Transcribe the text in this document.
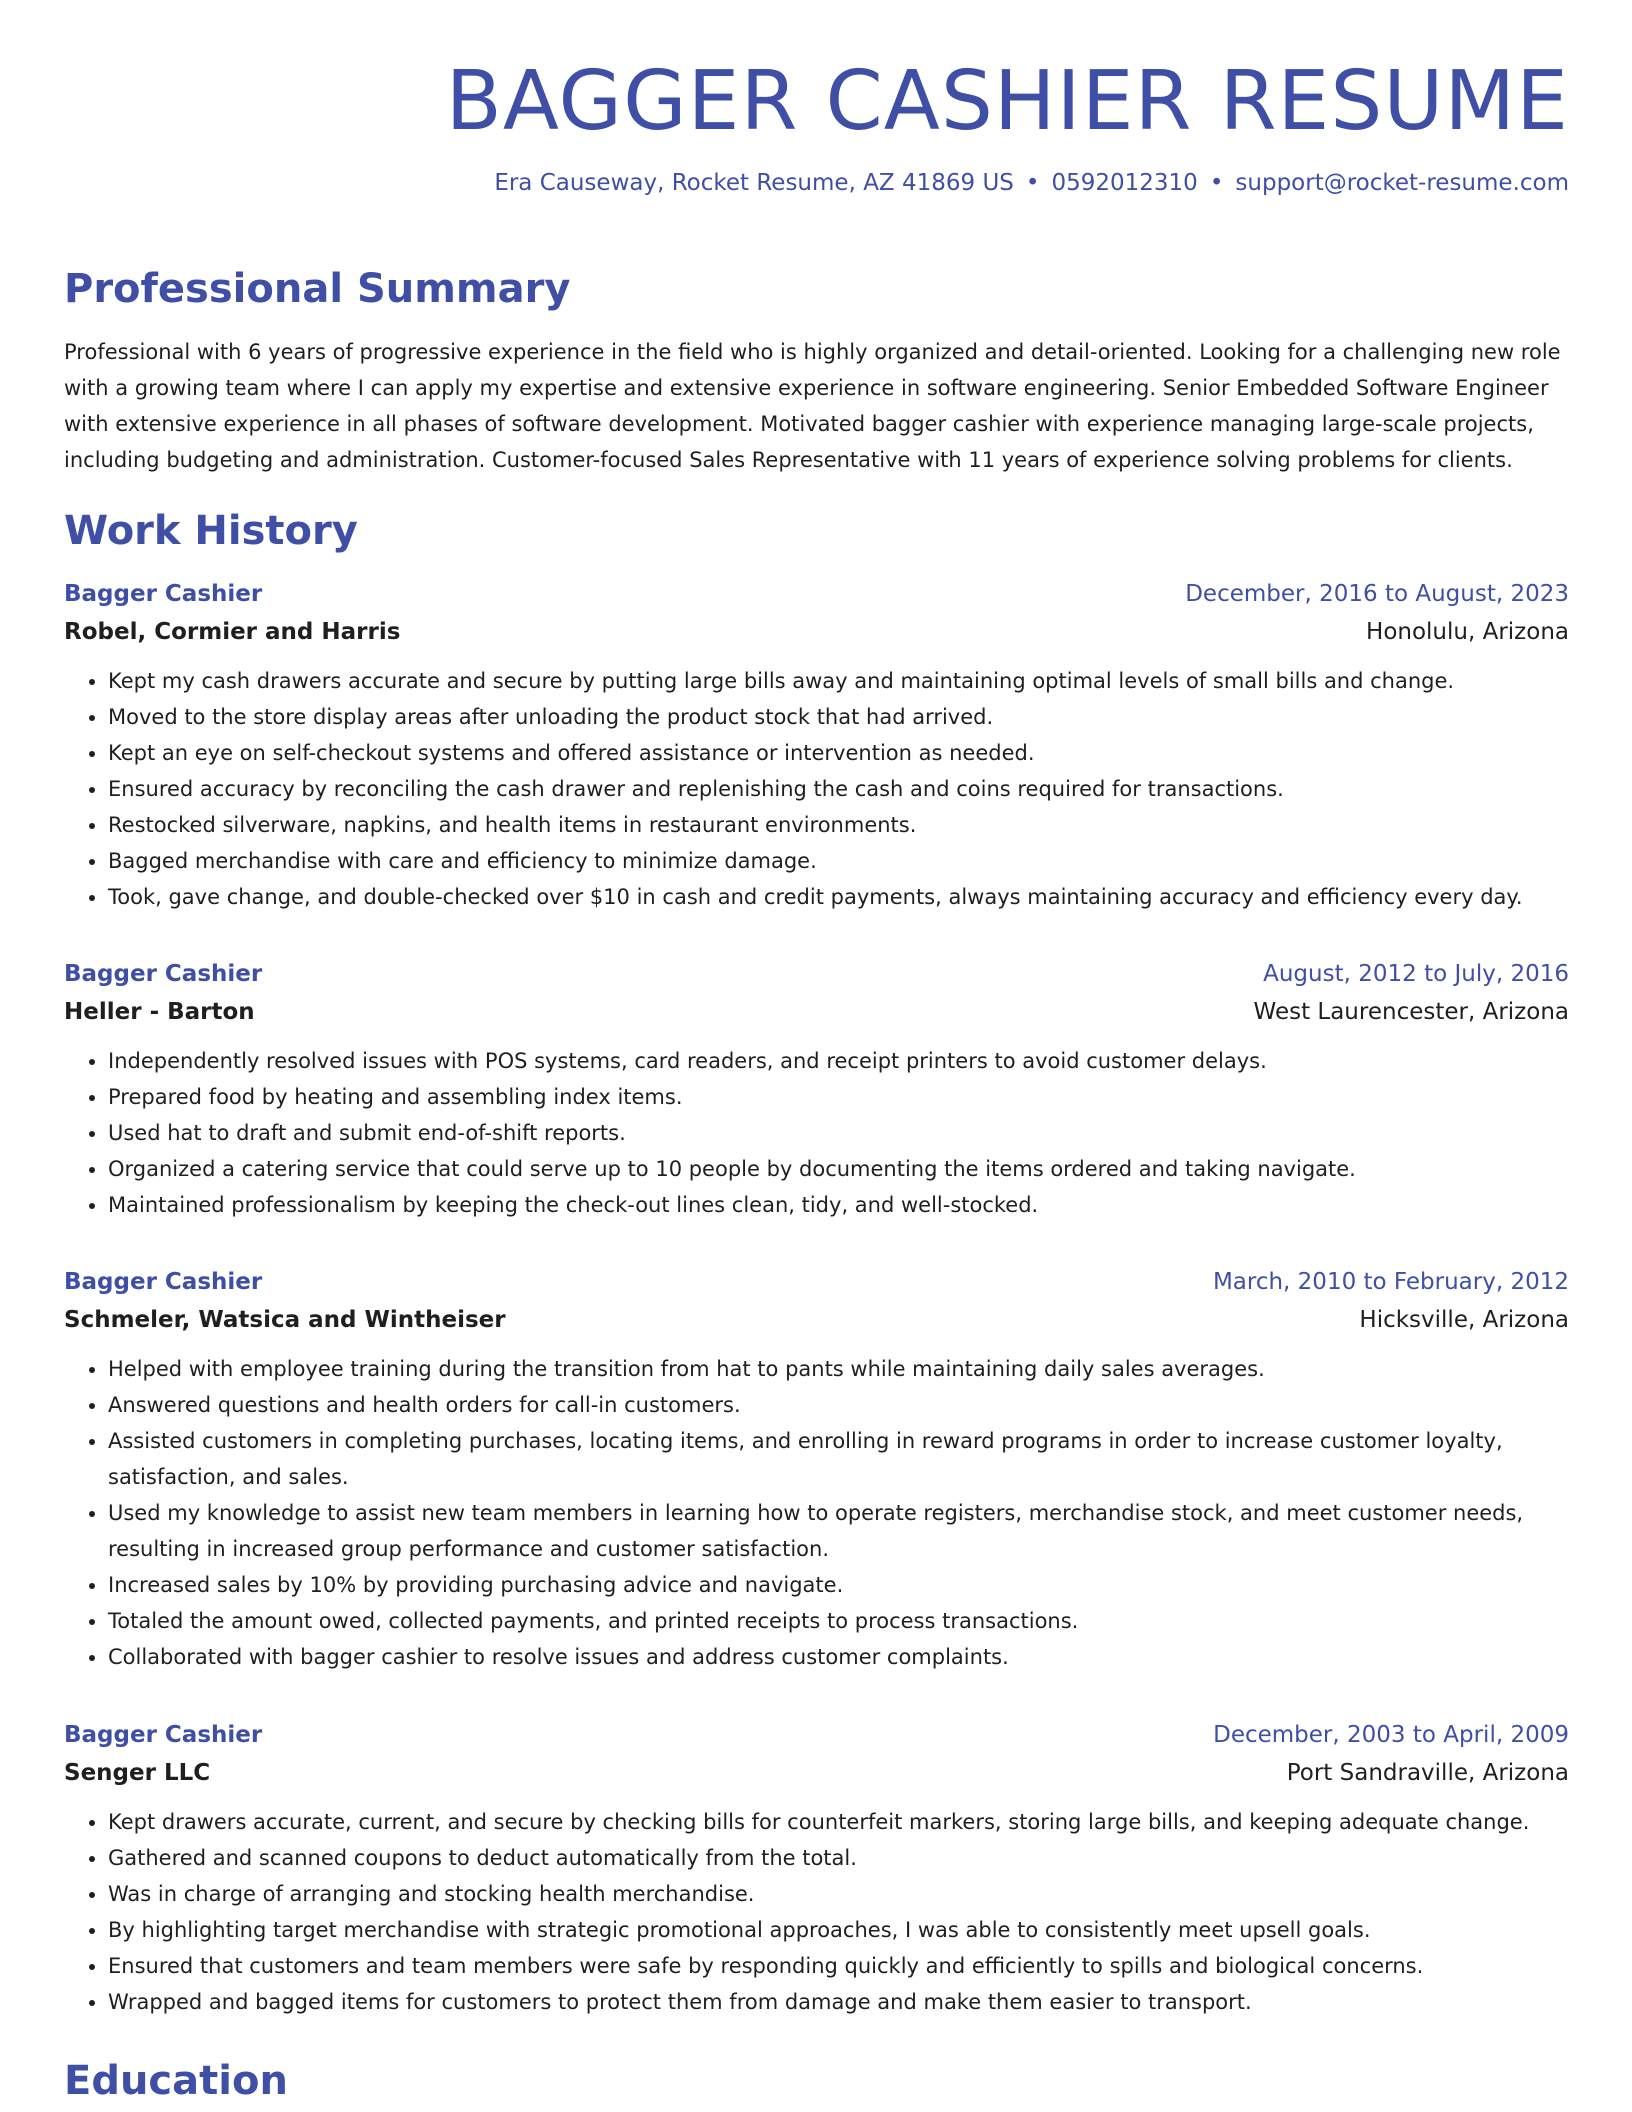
BAGGER CASHIER RESUME

Era Causeway, Rocket Resume, AZ 41869 US • 0592012310 • support@rocket-resume.com

Professional Summary

Professional with 6 years of progressive experience in the field who is highly organized and detail-oriented. Looking for a challenging new role with a growing team where I can apply my expertise and extensive experience in software engineering. Senior Embedded Software Engineer with extensive experience in all phases of software development. Motivated bagger cashier with experience managing large-scale projects, including budgeting and administration. Customer-focused Sales Representative with 11 years of experience solving problems for clients.

Work History
Bagger Cashier	December, 2016 to August, 2023
Robel, Cormier and Harris	Honolulu, Arizona
• Kept my cash drawers accurate and secure by putting large bills away and maintaining optimal levels of small bills and change.
• Moved to the store display areas after unloading the product stock that had arrived.
• Kept an eye on self-checkout systems and offered assistance or intervention as needed.
• Ensured accuracy by reconciling the cash drawer and replenishing the cash and coins required for transactions.
• Restocked silverware, napkins, and health items in restaurant environments.
• Bagged merchandise with care and efficiency to minimize damage.
• Took, gave change, and double-checked over $10 in cash and credit payments, always maintaining accuracy and efficiency every day.
Bagger Cashier	August, 2012 to July, 2016
Heller - Barton	West Laurencester, Arizona
• Independently resolved issues with POS systems, card readers, and receipt printers to avoid customer delays.
• Prepared food by heating and assembling index items.
• Used hat to draft and submit end-of-shift reports.
• Organized a catering service that could serve up to 10 people by documenting the items ordered and taking navigate.
• Maintained professionalism by keeping the check-out lines clean, tidy, and well-stocked.
Bagger Cashier	March, 2010 to February, 2012
Schmeler, Watsica and Wintheiser	Hicksville, Arizona
• Helped with employee training during the transition from hat to pants while maintaining daily sales averages.
• Answered questions and health orders for call-in customers.
• Assisted customers in completing purchases, locating items, and enrolling in reward programs in order to increase customer loyalty, satisfaction, and sales.
• Used my knowledge to assist new team members in learning how to operate registers, merchandise stock, and meet customer needs, resulting in increased group performance and customer satisfaction.
• Increased sales by 10% by providing purchasing advice and navigate.
• Totaled the amount owed, collected payments, and printed receipts to process transactions.
• Collaborated with bagger cashier to resolve issues and address customer complaints.
Bagger Cashier	December, 2003 to April, 2009
Senger LLC	Port Sandraville, Arizona
• Kept drawers accurate, current, and secure by checking bills for counterfeit markers, storing large bills, and keeping adequate change.
• Gathered and scanned coupons to deduct automatically from the total.
• Was in charge of arranging and stocking health merchandise.
• By highlighting target merchandise with strategic promotional approaches, I was able to consistently meet upsell goals.
• Ensured that customers and team members were safe by responding quickly and efficiently to spills and biological concerns.
• Wrapped and bagged items for customers to protect them from damage and make them easier to transport.
Education
